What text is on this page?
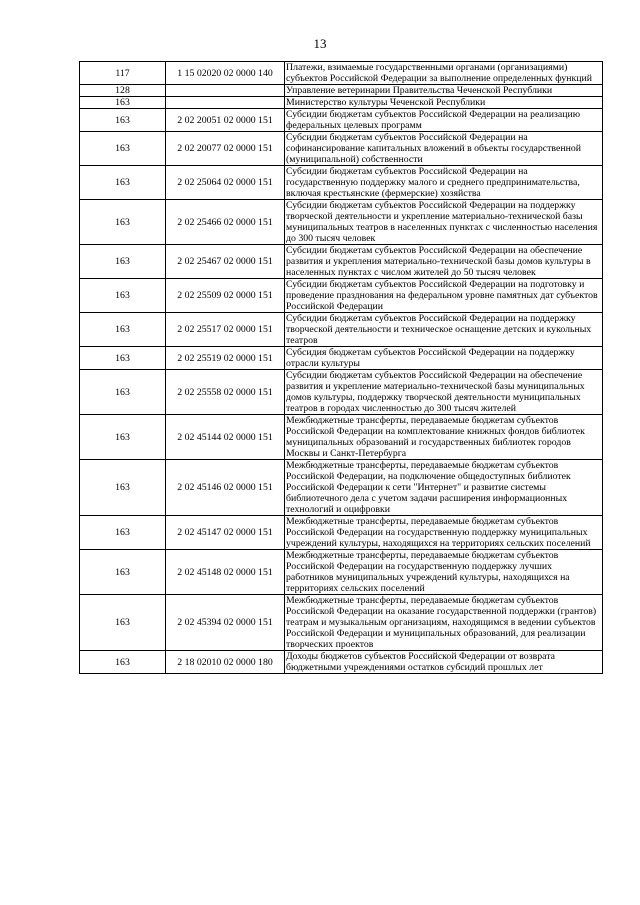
13
117	1 15 02020 02 0000 140	Платежи, взимаемые государственными органами (организациями) субъектов Российской Федерации за выполнение определенных функций
128		Управление ветеринарии Правительства Чеченской Республики
163		Министерство культуры Чеченской Республики
163	2 02 20051 02 0000 151	Субсидии бюджетам субъектов Российской Федерации на реализацию федеральных целевых программ
163	2 02 20077 02 0000 151	Субсидии бюджетам субъектов Российской Федерации на софинансирование капитальных вложений в объекты государственной (муниципальной) собственности
163	2 02 25064 02 0000 151	Субсидии бюджетам субъектов Российской Федерации на государственную поддержку малого и среднего предпринимательства, включая крестьянские (фермерские) хозяйства
163	2 02 25466 02 0000 151	Субсидии бюджетам субъектов Российской Федерации на поддержку творческой деятельности и укрепление материально-технической базы муниципальных театров в населенных пунктах с численностью населения до 300 тысяч человек
163	2 02 25467 02 0000 151	Субсидии бюджетам субъектов Российской Федерации на обеспечение развития и укрепления материально-технической базы домов культуры в населенных пунктах с числом жителей до 50 тысяч человек
163	2 02 25509 02 0000 151	Субсидии бюджетам субъектов Российской Федерации на подготовку и проведение празднования на федеральном уровне памятных дат субъектов Российской Федерации
163	2 02 25517 02 0000 151	Субсидии бюджетам субъектов Российской Федерации на поддержку творческой деятельности и техническое оснащение детских и кукольных театров
163	2 02 25519 02 0000 151	Субсидия бюджетам субъектов Российской Федерации на поддержку отрасли культуры
163	2 02 25558 02 0000 151	Субсидии бюджетам субъектов Российской Федерации на обеспечение развития и укрепление материально-технической базы муниципальных домов культуры, поддержку творческой деятельности муниципальных театров в городах численностью до 300 тысяч жителей
163	2 02 45144 02 0000 151	Межбюджетные трансферты, передаваемые бюджетам субъектов Российской Федерации на комплектование книжных фондов библиотек муниципальных образований и государственных библиотек городов Москвы и Санкт-Петербурга
163	2 02 45146 02 0000 151	Межбюджетные трансферты, передаваемые бюджетам субъектов Российской Федерации, на подключение общедоступных библиотек Российской Федерации к сети "Интернет" и развитие системы библиотечного дела с учетом задачи расширения информационных технологий и оцифровки
163	2 02 45147 02 0000 151	Межбюджетные трансферты, передаваемые бюджетам субъектов Российской Федерации на государственную поддержку муниципальных учреждений культуры, находящихся на территориях сельских поселений
163	2 02 45148 02 0000 151	Межбюджетные трансферты, передаваемые бюджетам субъектов Российской Федерации на государственную поддержку лучших работников муниципальных учреждений культуры, находящихся на территориях сельских поселений
163	2 02 45394 02 0000 151	Межбюджетные трансферты, передаваемые бюджетам субъектов Российской Федерации на оказание государственной поддержки (грантов) театрам и музыкальным организациям, находящимся в ведении субъектов Российской Федерации и муниципальных образований, для реализации творческих проектов
163	2 18 02010 02 0000 180	Доходы бюджетов субъектов Российской Федерации от возврата бюджетными учреждениями остатков субсидий прошлых лет
